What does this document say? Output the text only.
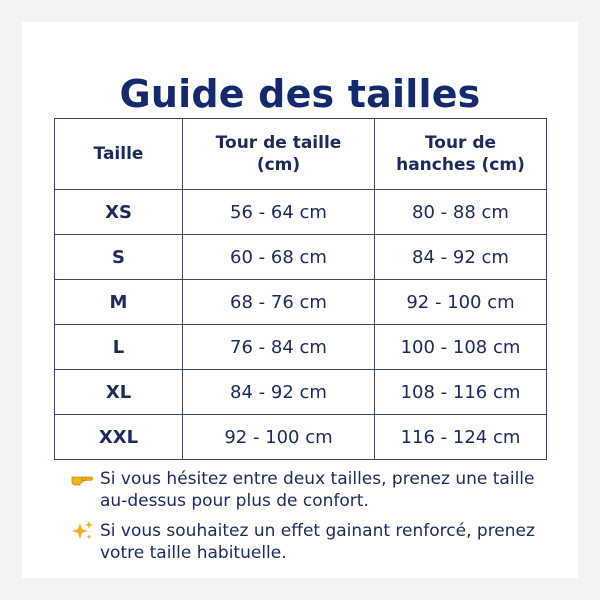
Guide des tailles
Taille	Tour de taille (cm)	Tour de hanches (cm)
XS	56 - 64 cm	80 - 88 cm
S	60 - 68 cm	84 - 92 cm
M	68 - 76 cm	92 - 100 cm
L	76 - 84 cm	100 - 108 cm
XL	84 - 92 cm	108 - 116 cm
XXL	92 - 100 cm	116 - 124 cm
Si vous hésitez entre deux tailles, prenez une taille au-dessus pour plus de confort.
Si vous souhaitez un effet gainant renforcé, prenez votre taille habituelle.
